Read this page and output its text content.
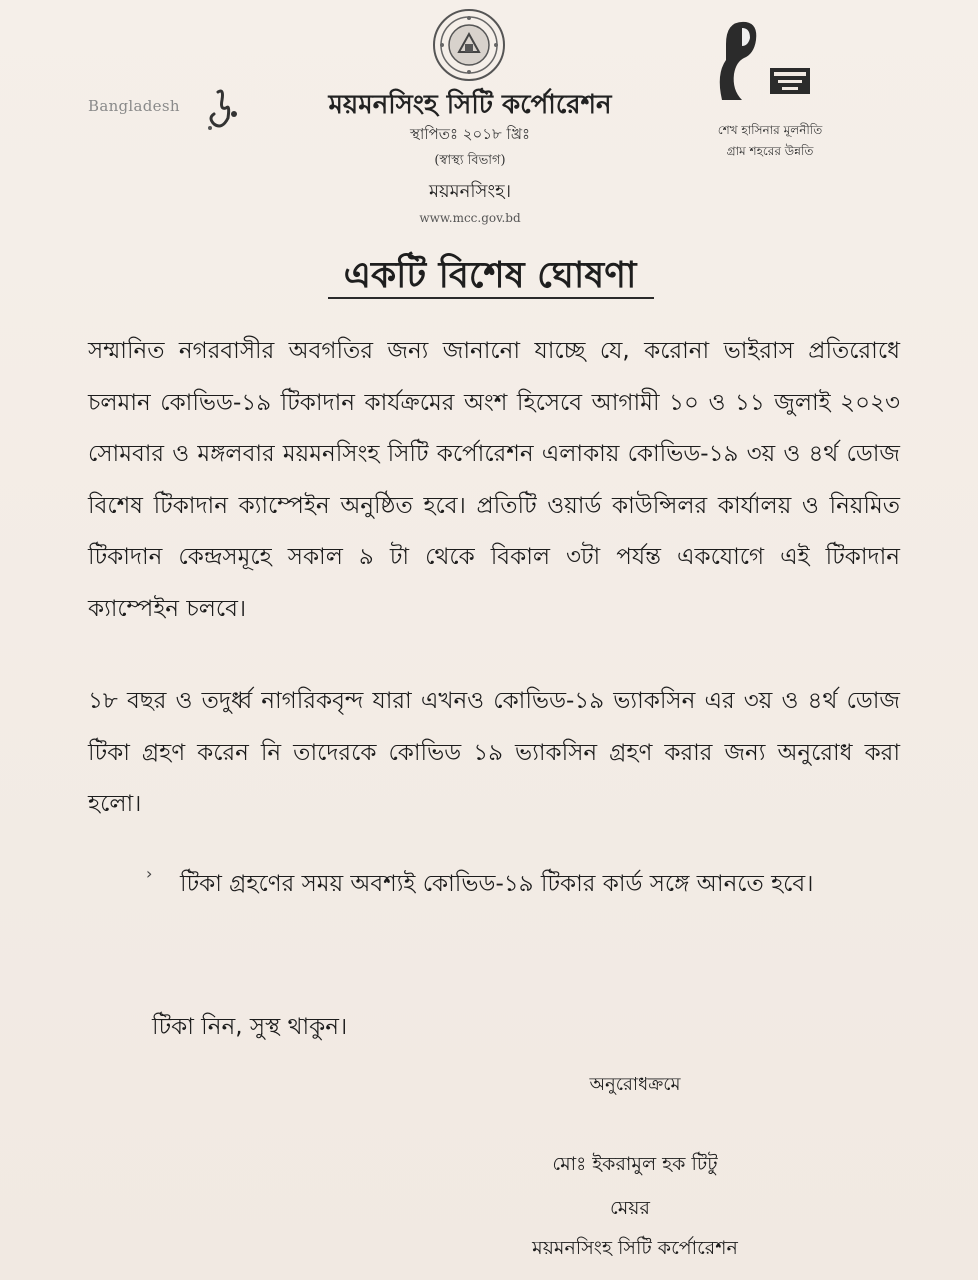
Bangladesh	ময়মনসিংহ সিটি কর্পোরেশন
স্থাপিতঃ ২০১৮ খ্রিঃ
(স্বাস্থ্য বিভাগ)
ময়মনসিংহ।
www.mcc.gov.bd
শেখ হাসিনার মূলনীতি
গ্রাম শহরের উন্নতি
একটি বিশেষ ঘোষণা
সম্মানিত নগরবাসীর অবগতির জন্য জানানো যাচ্ছে যে, করোনা ভাইরাস প্রতিরোধে চলমান কোভিড-১৯ টিকাদান কার্যক্রমের অংশ হিসেবে আগামী ১০ ও ১১ জুলাই ২০২৩ সোমবার ও মঙ্গলবার ময়মনসিংহ সিটি কর্পোরেশন এলাকায় কোভিড-১৯ ৩য় ও ৪র্থ ডোজ বিশেষ টিকাদান ক্যাম্পেইন অনুষ্ঠিত হবে। প্রতিটি ওয়ার্ড কাউন্সিলর কার্যালয় ও নিয়মিত টিকাদান কেন্দ্রসমূহে সকাল ৯ টা থেকে বিকাল ৩টা পর্যন্ত একযোগে এই টিকাদান ক্যাম্পেইন চলবে।
১৮ বছর ও তদুর্ধ্ব নাগরিকবৃন্দ যারা এখনও কোভিড-১৯ ভ্যাকসিন এর ৩য় ও ৪র্থ ডোজ টিকা গ্রহণ করেন নি তাদেরকে কোভিড ১৯ ভ্যাকসিন গ্রহণ করার জন্য অনুরোধ করা হলো।
› টিকা গ্রহণের সময় অবশ্যই কোভিড-১৯ টিকার কার্ড সঙ্গে আনতে হবে।
টিকা নিন, সুস্থ থাকুন।
অনুরোধক্রমে
মোঃ ইকরামুল হক টিটু
মেয়র
ময়মনসিংহ সিটি কর্পোরেশন
